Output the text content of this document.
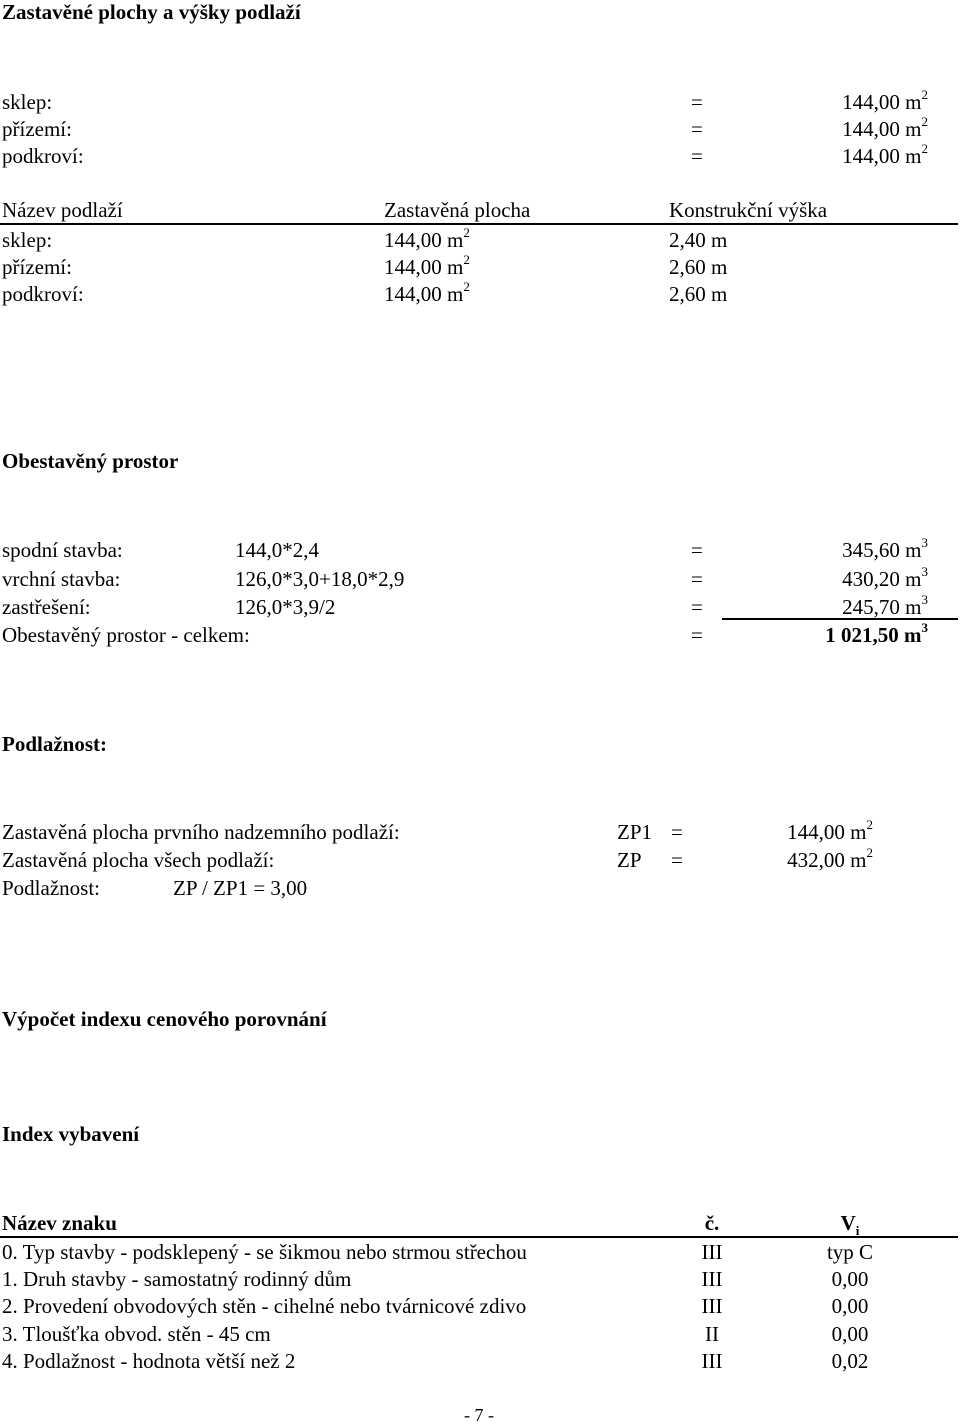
Zastavěné plochy a výšky podlaží
sklep:	=	144,00 $m^2$
přízemí:	=	144,00 $m^2$
podkroví:	=	144,00 $m^2$
Název podlaží	Zastavěná plocha	Konstrukční výška
sklep:	144,00 $m^2$	2,40 m
přízemí:	144,00 $m^2$	2,60 m
podkroví:	144,00 $m^2$	2,60 m
Obestavěný prostor
spodní stavba:	144,0*2,4	=	345,60 $m^3$
vrchní stavba:	126,0*3,0+18,0*2,9	=	430,20 $m^3$
zastřešení:	126,0*3,9/2	=	245,70 $m^3$
Obestavěný prostor - celkem:	=	1 021,50 $m^3$
Podlažnost:
Zastavěná plocha prvního nadzemního podlaží:	ZP1 =	144,00 $m^2$
Zastavěná plocha všech podlaží:	ZP =	432,00 $m^2$
Podlažnost:	ZP / ZP1 = 3,00
Výpočet indexu cenového porovnání
Index vybavení
Název znaku	č.	$V_i$
0. Typ stavby - podsklepený - se šikmou nebo strmou střechou	III	typ C
1. Druh stavby - samostatný rodinný dům	III	0,00
2. Provedení obvodových stěn - cihelné nebo tvárnicové zdivo	III	0,00
3. Tloušťka obvod. stěn - 45 cm	II	0,00
4. Podlažnost - hodnota větší než 2	III	0,02
- 7 -
